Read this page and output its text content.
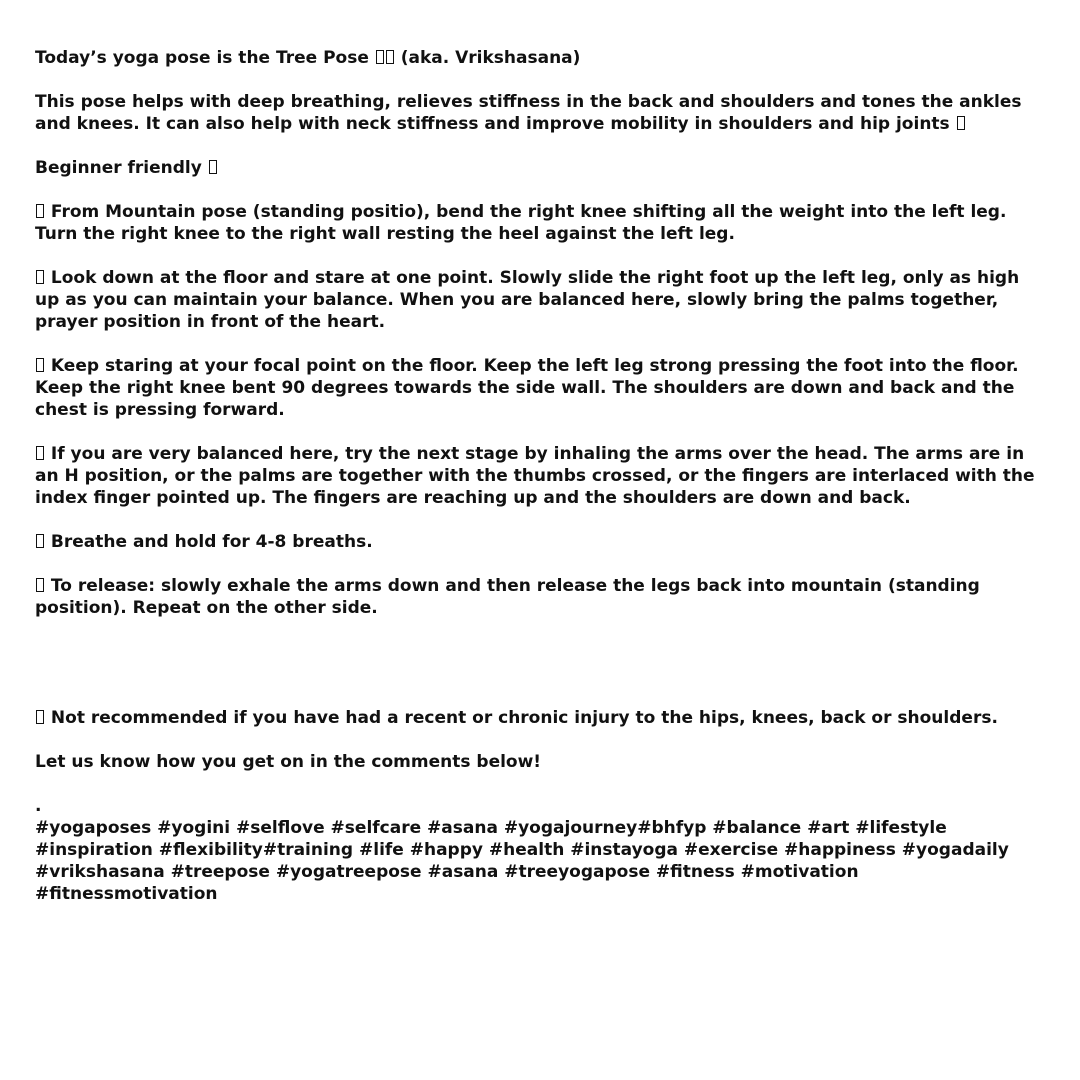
Today’s yoga pose is the Tree Pose  (aka. Vrikshasana)

This pose helps with deep breathing, relieves stiffness in the back and shoulders and tones the ankles and knees. It can also help with neck stiffness and improve mobility in shoulders and hip joints

Beginner friendly

From Mountain pose (standing positio), bend the right knee shifting all the weight into the left leg. Turn the right knee to the right wall resting the heel against the left leg.

Look down at the floor and stare at one point. Slowly slide the right foot up the left leg, only as high up as you can maintain your balance. When you are balanced here, slowly bring the palms together, prayer position in front of the heart.

Keep staring at your focal point on the floor. Keep the left leg strong pressing the foot into the floor. Keep the right knee bent 90 degrees towards the side wall. The shoulders are down and back and the chest is pressing forward.

If you are very balanced here, try the next stage by inhaling the arms over the head. The arms are in an H position, or the palms are together with the thumbs crossed, or the fingers are interlaced with the index finger pointed up. The fingers are reaching up and the shoulders are down and back.

Breathe and hold for 4-8 breaths.

To release: slowly exhale the arms down and then release the legs back into mountain (standing position). Repeat on the other side.

Not recommended if you have had a recent or chronic injury to the hips, knees, back or shoulders.

Let us know how you get on in the comments below!

.

#yogaposes #yogini #selflove #selfcare #asana #yogajourney#bhfyp #balance #art #lifestyle #inspiration #flexibility#training #life #happy #health #instayoga #exercise #happiness #yogadaily #vrikshasana #treepose #yogatreepose #asana #treeyogapose #fitness #motivation #fitnessmotivation
